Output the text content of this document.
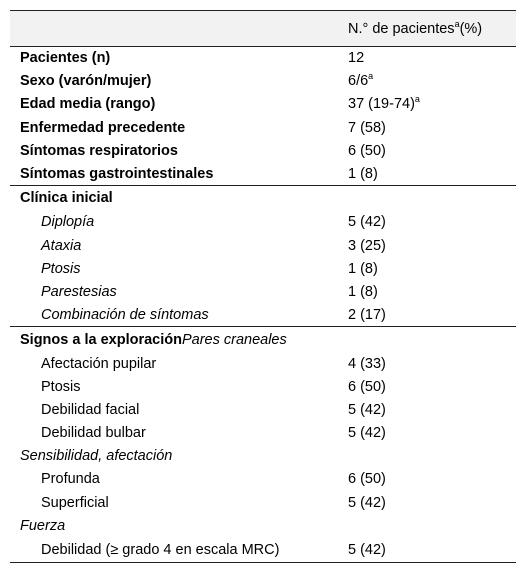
	N.° de pacientes$^a$(%)
Pacientes (n)	12
Sexo (varón/mujer)	6/6$^a$
Edad media (rango)	37 $(19-74)^a$
Enfermedad precedente	7 (58)
Síntomas respiratorios	6 (50)
Síntomas gastrointestinales	1 (8)
Clínica inicial	
Diplopía	5 (42)
Ataxia	3 (25)
Ptosis	1 (8)
Parestesias	1 (8)
Combinación de síntomas	2 (17)
Signos a la exploraciónPares craneales	
Afectación pupilar	4 (33)
Ptosis	6 (50)
Debilidad facial	5 (42)
Debilidad bulbar	5 (42)
Sensibilidad, afectación	
Profunda	6 (50)
Superficial	5 (42)
Fuerza	
Debilidad (≥ grado 4 en escala MRC)	5 (42)
